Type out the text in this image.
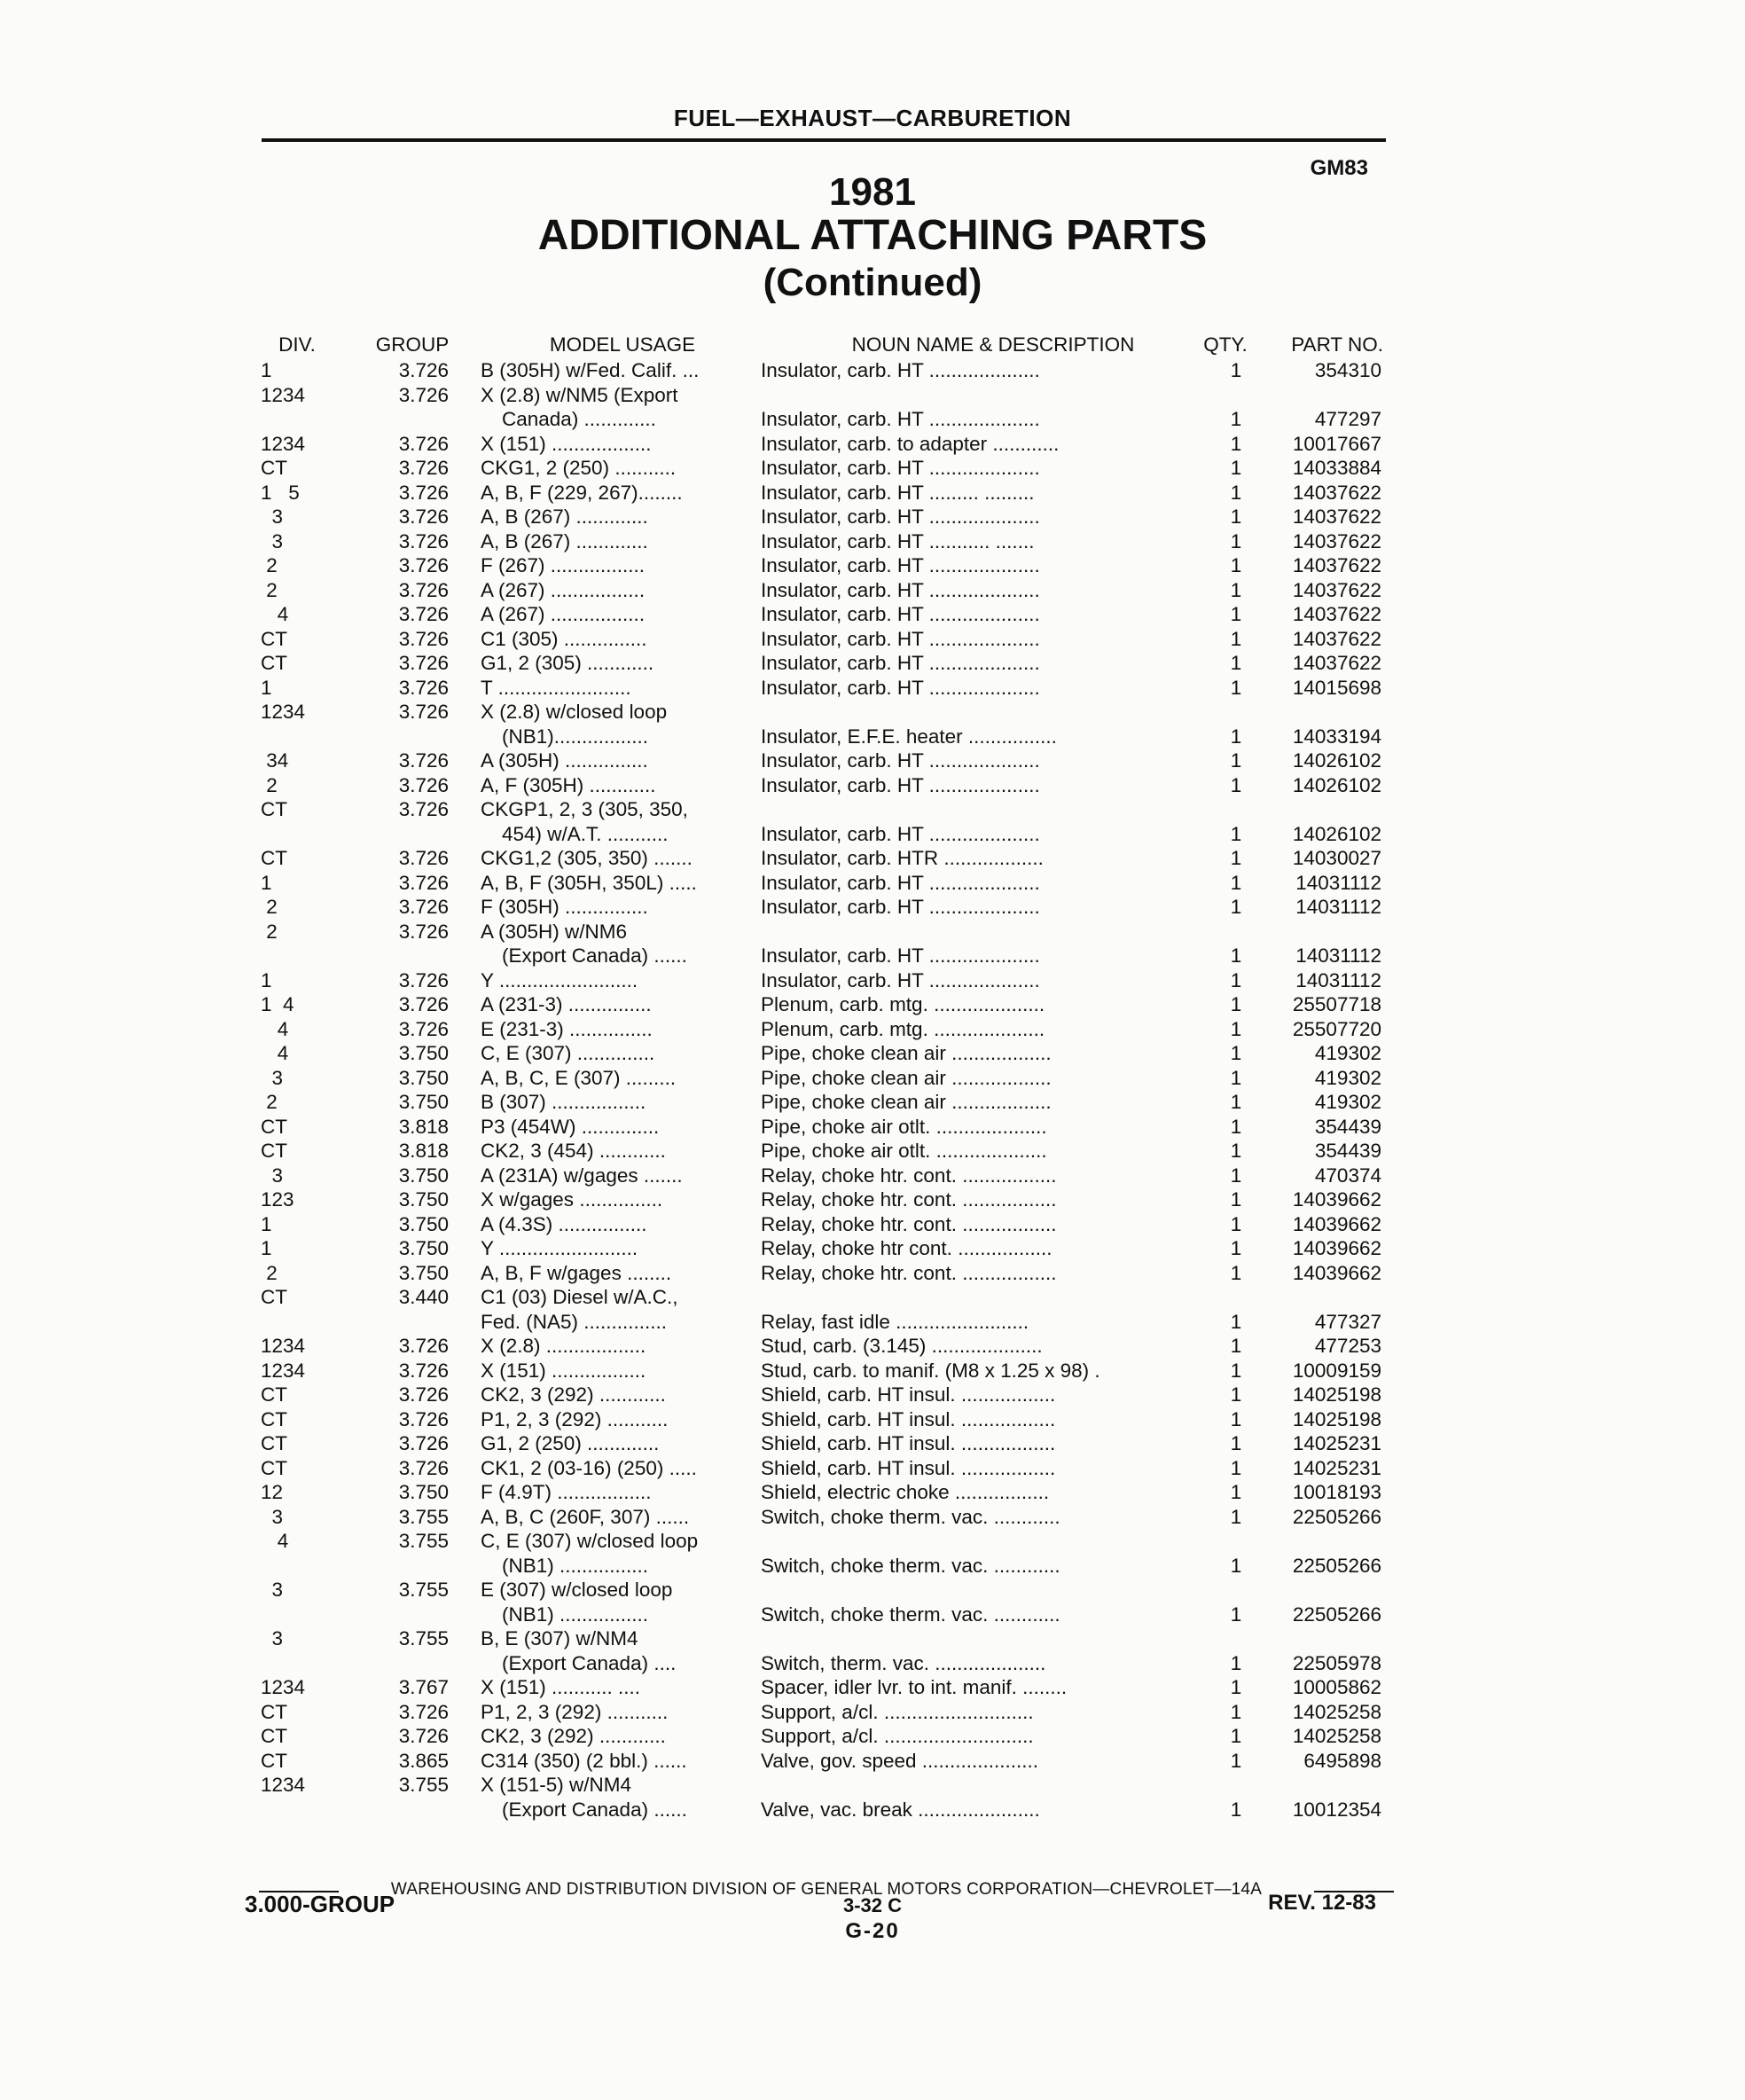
FUEL—EXHAUST—CARBURETION
GM83
1981
ADDITIONAL ATTACHING PARTS
(Continued)
DIV.	GROUP	MODEL USAGE	NOUN NAME & DESCRIPTION	QTY.	PART NO.
1	3.726 B (305H) w/Fed. Calif. ...	Insulator, carb. HT ....................	1	354310
1234	3.726 X (2.8) w/NM5 (Export
Canada) .............	Insulator, carb. HT ....................	1	477297
1234	3.726 X (151) ..................	Insulator, carb. to adapter ............	1	10017667
CT	3.726 CKG1, 2 (250) ...........	Insulator, carb. HT ....................	1	14033884
1   5	3.726 A, B, F (229, 267)........	Insulator, carb. HT ......... .........	1	14037622
3	3.726 A, B (267) .............	Insulator, carb. HT ....................	1	14037622
3	3.726 A, B (267) .............	Insulator, carb. HT ........... .......	1	14037622
2	3.726 F (267) .................	Insulator, carb. HT ....................	1	14037622
2	3.726 A (267) .................	Insulator, carb. HT ....................	1	14037622
4	3.726 A (267) .................	Insulator, carb. HT ....................	1	14037622
CT	3.726 C1 (305) ...............	Insulator, carb. HT ....................	1	14037622
CT	3.726 G1, 2 (305) ............	Insulator, carb. HT ....................	1	14037622
1	3.726 T ........................	Insulator, carb. HT ....................	1	14015698
1234	3.726 X (2.8) w/closed loop
(NB1).................	Insulator, E.F.E. heater ................	1	14033194
34	3.726 A (305H) ...............	Insulator, carb. HT ....................	1	14026102
2	3.726 A, F (305H) ............	Insulator, carb. HT ....................	1	14026102
CT	3.726 CKGP1, 2, 3 (305, 350,
454) w/A.T. ...........	Insulator, carb. HT ....................	1	14026102
CT	3.726 CKG1,2 (305, 350) .......	Insulator, carb. HTR ..................	1	14030027
1	3.726 A, B, F (305H, 350L) .....	Insulator, carb. HT ....................	1	14031112
2	3.726 F (305H) ...............	Insulator, carb. HT ....................	1	14031112
2	3.726 A (305H) w/NM6
(Export Canada) ......	Insulator, carb. HT ....................	1	14031112
1	3.726 Y .........................	Insulator, carb. HT ....................	1	14031112
1  4	3.726 A (231-3) ...............	Plenum, carb. mtg. ....................	1	25507718
4	3.726 E (231-3) ...............	Plenum, carb. mtg. ....................	1	25507720
4	3.750 C, E (307) ..............	Pipe, choke clean air ..................	1	419302
3	3.750 A, B, C, E (307) .........	Pipe, choke clean air ..................	1	419302
2	3.750 B (307) .................	Pipe, choke clean air ..................	1	419302
CT	3.818 P3 (454W) ..............	Pipe, choke air otlt. ....................	1	354439
CT	3.818 CK2, 3 (454) ............	Pipe, choke air otlt. ....................	1	354439
3	3.750 A (231A) w/gages .......	Relay, choke htr. cont. .................	1	470374
123	3.750 X w/gages ...............	Relay, choke htr. cont. .................	1	14039662
1	3.750 A (4.3S) ................	Relay, choke htr. cont. .................	1	14039662
1	3.750 Y .........................	Relay, choke htr cont. .................	1	14039662
2	3.750 A, B, F w/gages ........	Relay, choke htr. cont. .................	1	14039662
CT	3.440 C1 (03) Diesel w/A.C.,
Fed. (NA5) ...............	Relay, fast idle ........................	1	477327
1234	3.726 X (2.8) ..................	Stud, carb. (3.145) ....................	1	477253
1234	3.726 X (151) .................	Stud, carb. to manif. (M8 x 1.25 x 98) .	1	10009159
CT	3.726 CK2, 3 (292) ............	Shield, carb. HT insul. .................	1	14025198
CT	3.726 P1, 2, 3 (292) ...........	Shield, carb. HT insul. .................	1	14025198
CT	3.726 G1, 2 (250) .............	Shield, carb. HT insul. .................	1	14025231
CT	3.726 CK1, 2 (03-16) (250) .....	Shield, carb. HT insul. .................	1	14025231
12	3.750 F (4.9T) .................	Shield, electric choke .................	1	10018193
3	3.755 A, B, C (260F, 307) ......	Switch, choke therm. vac. ............	1	22505266
4	3.755 C, E (307) w/closed loop
(NB1) ................	Switch, choke therm. vac. ............	1	22505266
3	3.755 E (307) w/closed loop
(NB1) ................	Switch, choke therm. vac. ............	1	22505266
3	3.755 B, E (307) w/NM4
(Export Canada) ....	Switch, therm. vac. ....................	1	22505978
1234	3.767 X (151) ........... ....	Spacer, idler lvr. to int. manif. ........	1	10005862
CT	3.726 P1, 2, 3 (292) ...........	Support, a/cl. ...........................	1	14025258
CT	3.726 CK2, 3 (292) ............	Support, a/cl. ...........................	1	14025258
CT	3.865 C314 (350) (2 bbl.) ......	Valve, gov. speed .....................	1	6495898
1234	3.755 X (151-5) w/NM4
(Export Canada) ......	Valve, vac. break ......................	1	10012354
WAREHOUSING AND DISTRIBUTION DIVISION OF GENERAL MOTORS CORPORATION—CHEVROLET—14A
3.000-GROUP	3-32 C
G-20
REV. 12-83
